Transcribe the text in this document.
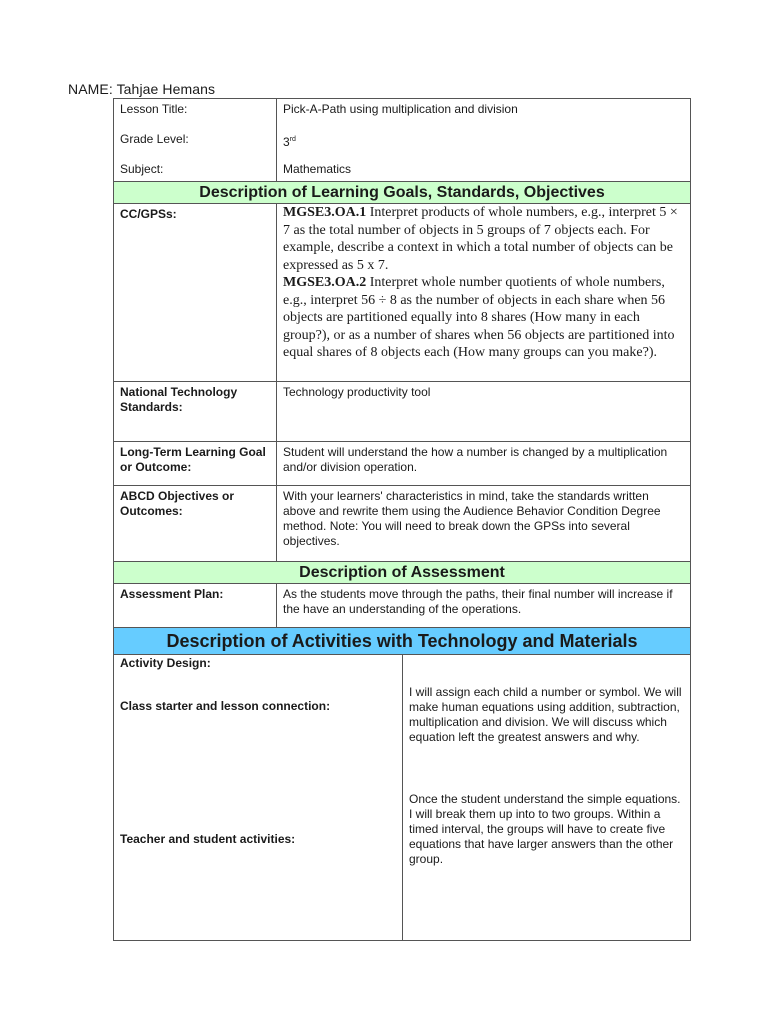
NAME: Tahjae Hemans
Lesson Title:
Grade Level:
Subject:
Pick-A-Path using multiplication and division
3rd
Mathematics
Description of Learning Goals, Standards, Objectives
CC/GPSs:	MGSE3.OA.1 Interpret products of whole numbers, e.g., interpret 5 × 7 as the total number of objects in 5 groups of 7 objects each. For example, describe a context in which a total number of objects can be expressed as 5 x 7.
MGSE3.OA.2 Interpret whole number quotients of whole numbers, e.g., interpret 56 ÷ 8 as the number of objects in each share when 56 objects are partitioned equally into 8 shares (How many in each group?), or as a number of shares when 56 objects are partitioned into equal shares of 8 objects each (How many groups can you make?).
National Technology Standards:
Technology productivity tool
Long-Term Learning Goal or Outcome:
Student will understand the how a number is changed by a multiplication and/or division operation.
ABCD Objectives or Outcomes:
With your learners' characteristics in mind, take the standards written above and rewrite them using the Audience Behavior Condition Degree method. Note: You will need to break down the GPSs into several objectives.
Description of Assessment
Assessment Plan:	As the students move through the paths, their final number will increase if the have an understanding of the operations.
Description of Activities with Technology and Materials
Activity Design:
Class starter and lesson connection:
Teacher and student activities:
I will assign each child a number or symbol. We will make human equations using addition, subtraction, multiplication and division. We will discuss which equation left the greatest answers and why.
Once the student understand the simple equations. I will break them up into to two groups. Within a timed interval, the groups will have to create five equations that have larger answers than the other group.
